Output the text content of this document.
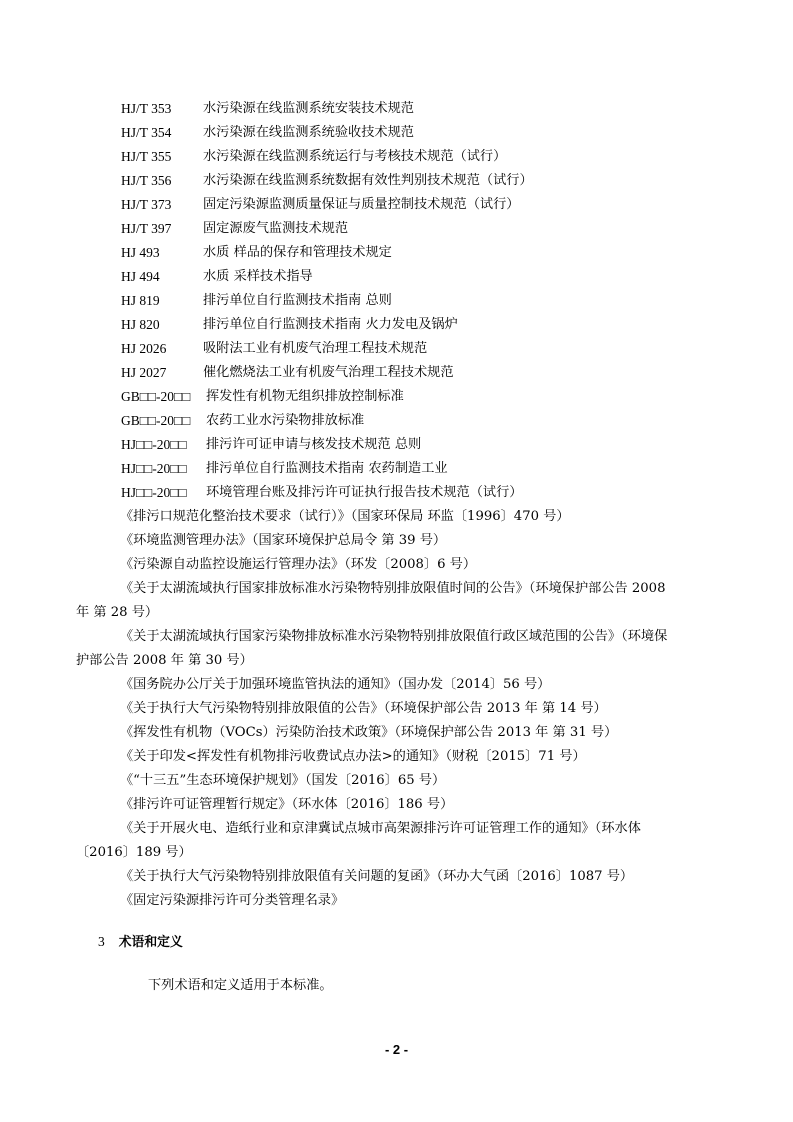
HJ/T 353 水污染源在线监测系统安装技术规范
HJ/T 354 水污染源在线监测系统验收技术规范
HJ/T 355 水污染源在线监测系统运行与考核技术规范（试行）
HJ/T 356 水污染源在线监测系统数据有效性判别技术规范（试行）
HJ/T 373 固定污染源监测质量保证与质量控制技术规范（试行）
HJ/T 397 固定源废气监测技术规范
HJ 493	水质 样品的保存和管理技术规定
HJ 494	水质 采样技术指导
HJ 819	排污单位自行监测技术指南 总则
HJ 820	排污单位自行监测技术指南 火力发电及锅炉
HJ 2026	吸附法工业有机废气治理工程技术规范
HJ 2027	催化燃烧法工业有机废气治理工程技术规范
GB□□-20□□ 挥发性有机物无组织排放控制标准
GB□□-20□□ 农药工业水污染物排放标准
HJ□□-20□□ 排污许可证申请与核发技术规范 总则
HJ□□-20□□ 排污单位自行监测技术指南 农药制造工业
HJ□□-20□□ 环境管理台账及排污许可证执行报告技术规范（试行）
《排污口规范化整治技术要求（试行）》（国家环保局 环监〔1996〕470 号）
《环境监测管理办法》（国家环境保护总局令 第 39 号）
《污染源自动监控设施运行管理办法》（环发〔2008〕6 号）
《关于太湖流域执行国家排放标准水污染物特别排放限值时间的公告》（环境保护部公告 2008
年 第 28 号）
《关于太湖流域执行国家污染物排放标准水污染物特别排放限值行政区域范围的公告》（环境保
护部公告 2008 年 第 30 号）
《国务院办公厅关于加强环境监管执法的通知》（国办发〔2014〕56 号）
《关于执行大气污染物特别排放限值的公告》（环境保护部公告 2013 年 第 14 号）
《挥发性有机物（VOCs）污染防治技术政策》（环境保护部公告 2013 年 第 31 号）
《关于印发<挥发性有机物排污收费试点办法>的通知》（财税〔2015〕71 号）
《“十三五”生态环境保护规划》（国发〔2016〕65 号）
《排污许可证管理暂行规定》（环水体〔2016〕186 号）
《关于开展火电、造纸行业和京津冀试点城市高架源排污许可证管理工作的通知》（环水体
〔2016〕189 号）
《关于执行大气污染物特别排放限值有关问题的复函》（环办大气函〔2016〕1087 号）
《固定污染源排污许可分类管理名录》
3 术语和定义
下列术语和定义适用于本标准。
- 2 -
